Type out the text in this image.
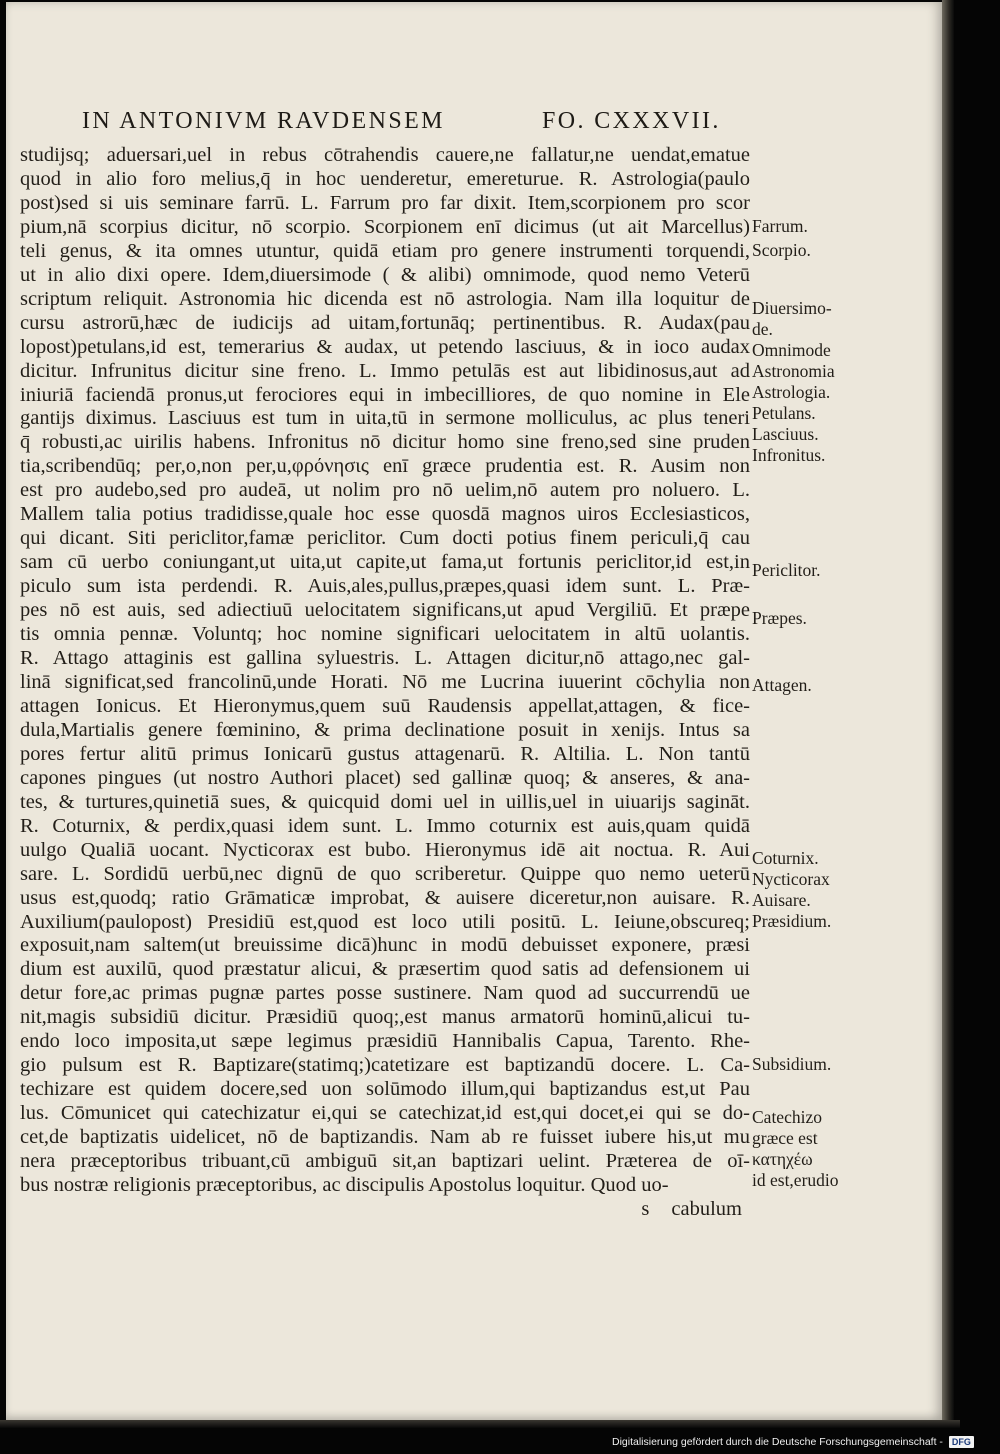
IN ANTONIVM RAVDENSEM	FO. CXXXVII.
studijsq; aduersari,uel in rebus cōtrahendis cauere,ne fallatur,ne uendat,ematue
quod in alio foro melius,q̄ in hoc uenderetur, emereturue. R. Astrologia(paulo
post)sed si uis seminare farrū. L. Farrum pro far dixit. Item,scorpionem pro scor
pium,nā scorpius dicitur, nō scorpio. Scorpionem enī dicimus (ut ait Marcellus)
teli genus, & ita omnes utuntur, quidā etiam pro genere instrumenti torquendi,
ut in alio dixi opere. Idem,diuersimode ( & alibi) omnimode, quod nemo Veterū
scriptum reliquit. Astronomia hic dicenda est nō astrologia. Nam illa loquitur de
cursu astrorū,hæc de iudicijs ad uitam,fortunāq; pertinentibus. R. Audax(pau
lopost)petulans,id est, temerarius & audax, ut petendo lasciuus, & in ioco audax
dicitur. Infrunitus dicitur sine freno. L. Immo petulās est aut libidinosus,aut ad
iniuriā faciendā pronus,ut ferociores equi in imbecilliores, de quo nomine in Ele
gantijs diximus. Lasciuus est tum in uita,tū in sermone molliculus, ac plus teneri
q̄ robusti,ac uirilis habens. Infronitus nō dicitur homo sine freno,sed sine pruden
tia,scribendūq; per,o,non per,u,φρόνησις enī græce prudentia est. R. Ausim non
est pro audebo,sed pro audeā, ut nolim pro nō uelim,nō autem pro noluero. L.
Mallem talia potius tradidisse,quale hoc esse quosdā magnos uiros Ecclesiasticos,
qui dicant. Siti periclitor,famæ periclitor. Cum docti potius finem periculi,q̄ cau
sam cū uerbo coniungant,ut uita,ut capite,ut fama,ut fortunis periclitor,id est,in
piculo sum ista perdendi. R. Auis,ales,pullus,præpes,quasi idem sunt. L. Præ-
pes nō est auis, sed adiectiuū uelocitatem significans,ut apud Vergiliū. Et præpe
tis omnia pennæ. Voluntq; hoc nomine significari uelocitatem in altū uolantis.
R. Attago attaginis est gallina syluestris. L. Attagen dicitur,nō attago,nec gal-
linā significat,sed francolinū,unde Horati. Nō me Lucrina iuuerint cōchylia non
attagen Ionicus. Et Hieronymus,quem suū Raudensis appellat,attagen, & fice-
dula,Martialis genere fœminino, & prima declinatione posuit in xenijs. Intus sa
pores fertur alitū primus Ionicarū gustus attagenarū. R. Altilia. L. Non tantū
capones pingues (ut nostro Authori placet) sed gallinæ quoq; & anseres, & ana-
tes, & turtures,quinetiā sues, & quicquid domi uel in uillis,uel in uiuarijs sagināt.
R. Coturnix, & perdix,quasi idem sunt. L. Immo coturnix est auis,quam quidā
uulgo Qualiā uocant. Nycticorax est bubo. Hieronymus idē ait noctua. R. Aui
sare. L. Sordidū uerbū,nec dignū de quo scriberetur. Quippe quo nemo ueterū
usus est,quodq; ratio Grāmaticæ improbat, & auisere diceretur,non auisare. R.
Auxilium(paulopost) Presidiū est,quod est loco utili positū. L. Ieiune,obscureq;
exposuit,nam saltem(ut breuissime dicā)hunc in modū debuisset exponere, præsi
dium est auxilū, quod præstatur alicui, & præsertim quod satis ad defensionem ui
detur fore,ac primas pugnæ partes posse sustinere. Nam quod ad succurrendū ue
nit,magis subsidiū dicitur. Præsidiū quoq;,est manus armatorū hominū,alicui tu-
endo loco imposita,ut sæpe legimus præsidiū Hannibalis Capua, Tarento. Rhe-
gio pulsum est R. Baptizare(statimq;)catetizare est baptizandū docere. L. Ca-
techizare est quidem docere,sed uon solūmodo illum,qui baptizandus est,ut Pau
lus. Cōmunicet qui catechizatur ei,qui se catechizat,id est,qui docet,ei qui se do-
cet,de baptizatis uidelicet, nō de baptizandis. Nam ab re fuisset iubere his,ut mu
nera præceptoribus tribuant,cū ambiguū sit,an baptizari uelint. Præterea de oī-
bus nostræ religionis præceptoribus, ac discipulis Apostolus loquitur. Quod uo-
s cabulum
Farrum.
Scorpio.
Diuersimo-
de.
Omnimode
Astronomia
Astrologia.
Petulans.
Lasciuus.
Infronitus.
Periclitor.
Præpes.
Attagen.
Coturnix.
Nycticorax
Auisare.
Præsidium.
Subsidium.
Catechizo
græce est
κατηχέω
id est,erudio
Digitalisierung gefördert durch die Deutsche Forschungsgemeinschaft -	DFG
